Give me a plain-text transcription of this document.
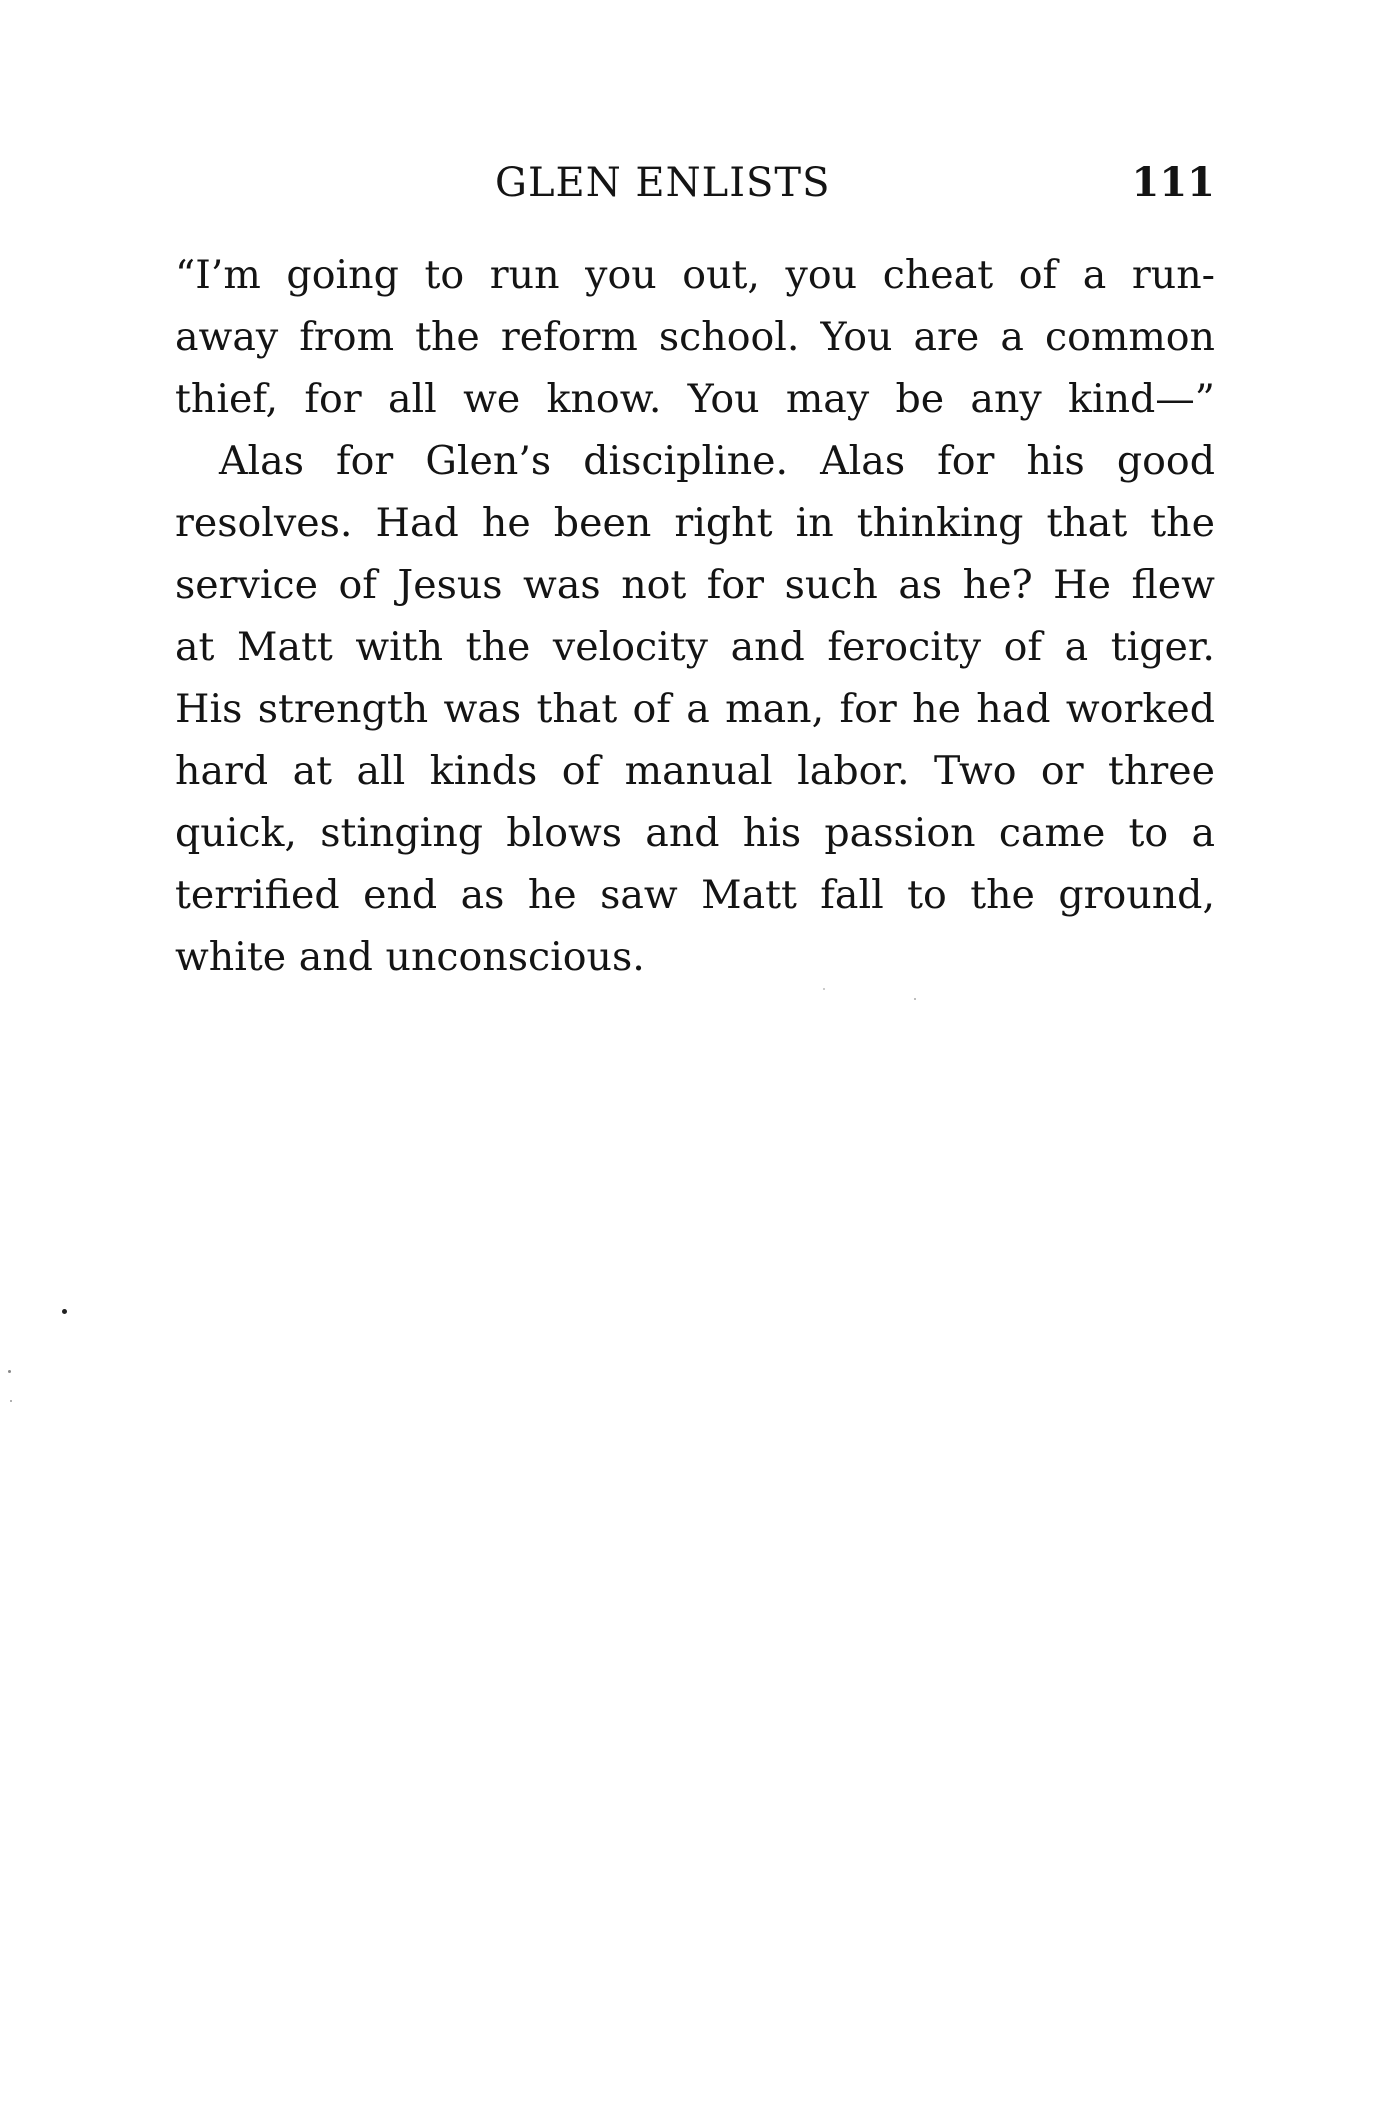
GLEN ENLISTS	111
“I’m going to run you out, you cheat of a run-
away from the reform school. You are a common
thief, for all we know. You may be any kind—”
Alas for Glen’s discipline. Alas for his good
resolves. Had he been right in thinking that the
service of Jesus was not for such as he? He flew
at Matt with the velocity and ferocity of a tiger.
His strength was that of a man, for he had worked
hard at all kinds of manual labor. Two or three
quick, stinging blows and his passion came to a
terrified end as he saw Matt fall to the ground,
white and unconscious.
